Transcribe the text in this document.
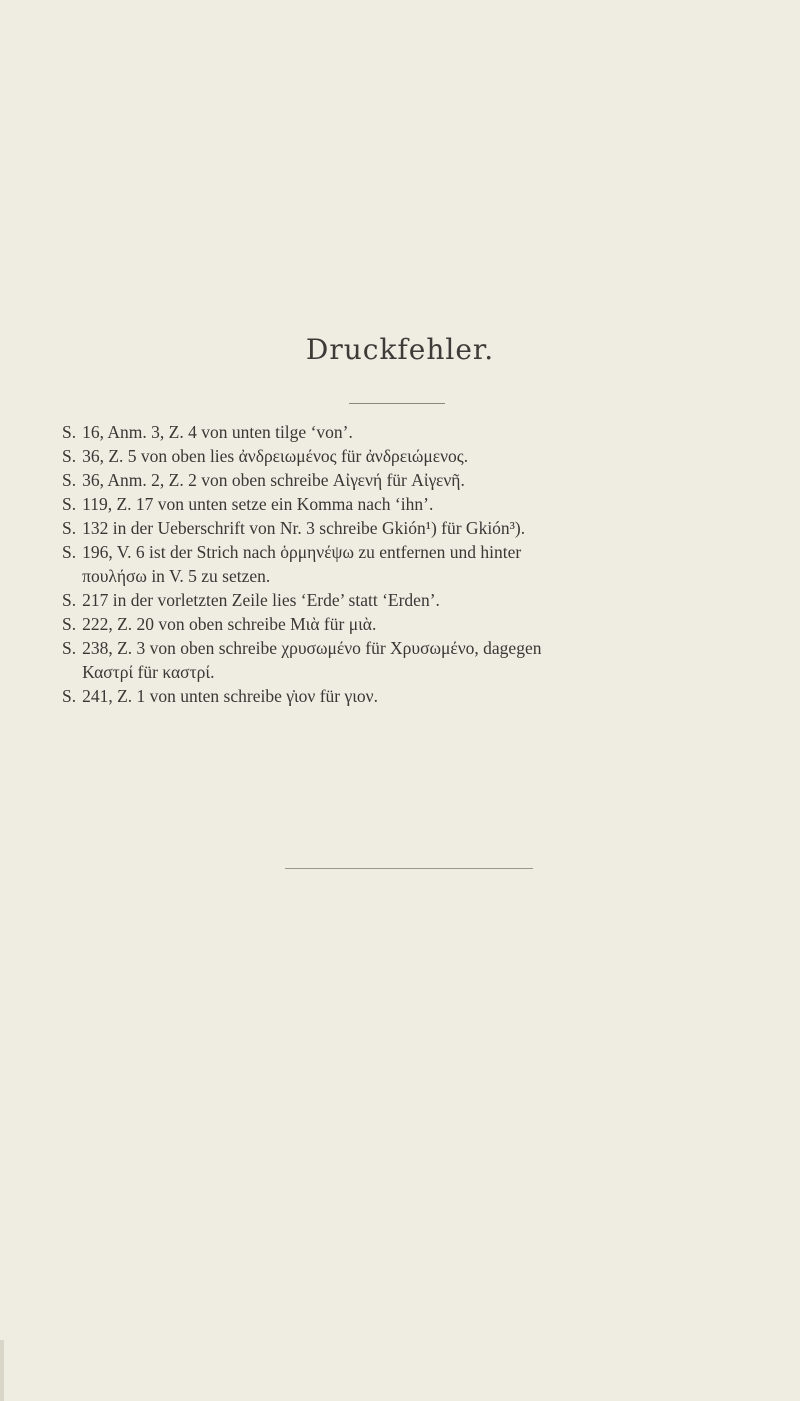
Druckfehler.
S. 16, Anm. 3, Z. 4 von unten tilge ‘von’.
S. 36, Z. 5 von oben lies ἀνδρειωμένος für ἀνδρειώμενος.
S. 36, Anm. 2, Z. 2 von oben schreibe Αἰγενή für Αἰγενῆ.
S. 119, Z. 17 von unten setze ein Komma nach ‘ihn’.
S. 132 in der Ueberschrift von Nr. 3 schreibe Gkión¹) für Gkión³).
S. 196, V. 6 ist der Strich nach ὁρμηνέψω zu entfernen und hinter
πουλήσω in V. 5 zu setzen.
S. 217 in der vorletzten Zeile lies ‘Erde’ statt ‘Erden’.
S. 222, Z. 20 von oben schreibe Μιὰ für μιὰ.
S. 238, Z. 3 von oben schreibe χρυσωμένο für Χρυσωμένο, dagegen
Καστρί für καστρί.
S. 241, Z. 1 von unten schreibe γ̇ιον für γιον.
